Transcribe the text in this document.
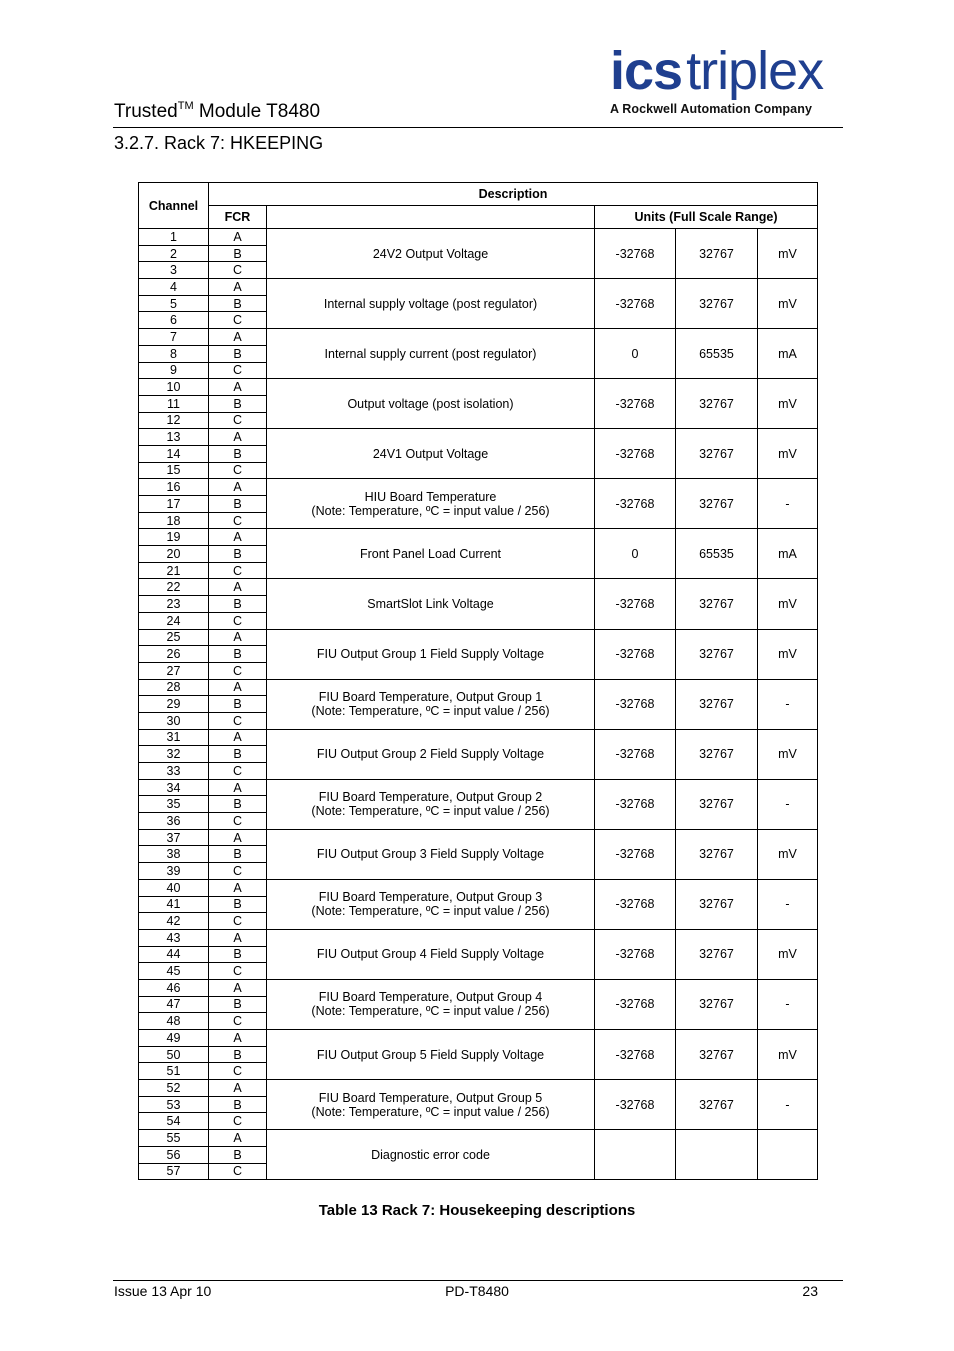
icstriplex
A Rockwell Automation Company
Trusted™ Module T8480
3.2.7. Rack 7: HKEEPING
Channel	Description				
	FCR		Units (Full Scale Range)		
1	A	24V2 Output Voltage	-32768	32767	mV
2	B				
3	C				
4	A	Internal supply voltage (post regulator)	-32768	32767	mV
5	B				
6	C				
7	A	Internal supply current (post regulator)	0	65535	mA
8	B				
9	C				
10	A	Output voltage (post isolation)	-32768	32767	mV
11	B				
12	C				
13	A	24V1 Output Voltage	-32768	32767	mV
14	B				
15	C				
16	A	HIU Board Temperature
(Note: Temperature, ºC = input value / 256)	-32768	32767	-
17	B				
18	C				
19	A	Front Panel Load Current	0	65535	mA
20	B				
21	C				
22	A	SmartSlot Link Voltage	-32768	32767	mV
23	B				
24	C				
25	A	FIU Output Group 1 Field Supply Voltage	-32768	32767	mV
26	B				
27	C				
28	A	FIU Board Temperature, Output Group 1
(Note: Temperature, ºC = input value / 256)	-32768	32767	-
29	B				
30	C				
31	A	FIU Output Group 2 Field Supply Voltage	-32768	32767	mV
32	B				
33	C				
34	A	FIU Board Temperature, Output Group 2
(Note: Temperature, ºC = input value / 256)	-32768	32767	-
35	B				
36	C				
37	A	FIU Output Group 3 Field Supply Voltage	-32768	32767	mV
38	B				
39	C				
40	A	FIU Board Temperature, Output Group 3
(Note: Temperature, ºC = input value / 256)	-32768	32767	-
41	B				
42	C				
43	A	FIU Output Group 4 Field Supply Voltage	-32768	32767	mV
44	B				
45	C				
46	A	FIU Board Temperature, Output Group 4
(Note: Temperature, ºC = input value / 256)	-32768	32767	-
47	B				
48	C				
49	A	FIU Output Group 5 Field Supply Voltage	-32768	32767	mV
50	B				
51	C				
52	A	FIU Board Temperature, Output Group 5
(Note: Temperature, ºC = input value / 256)	-32768	32767	-
53	B				
54	C				
55	A	Diagnostic error code			
56	B				
57	C				
Table 13 Rack 7: Housekeeping descriptions
Issue 13 Apr 10	PD-T8480	23
